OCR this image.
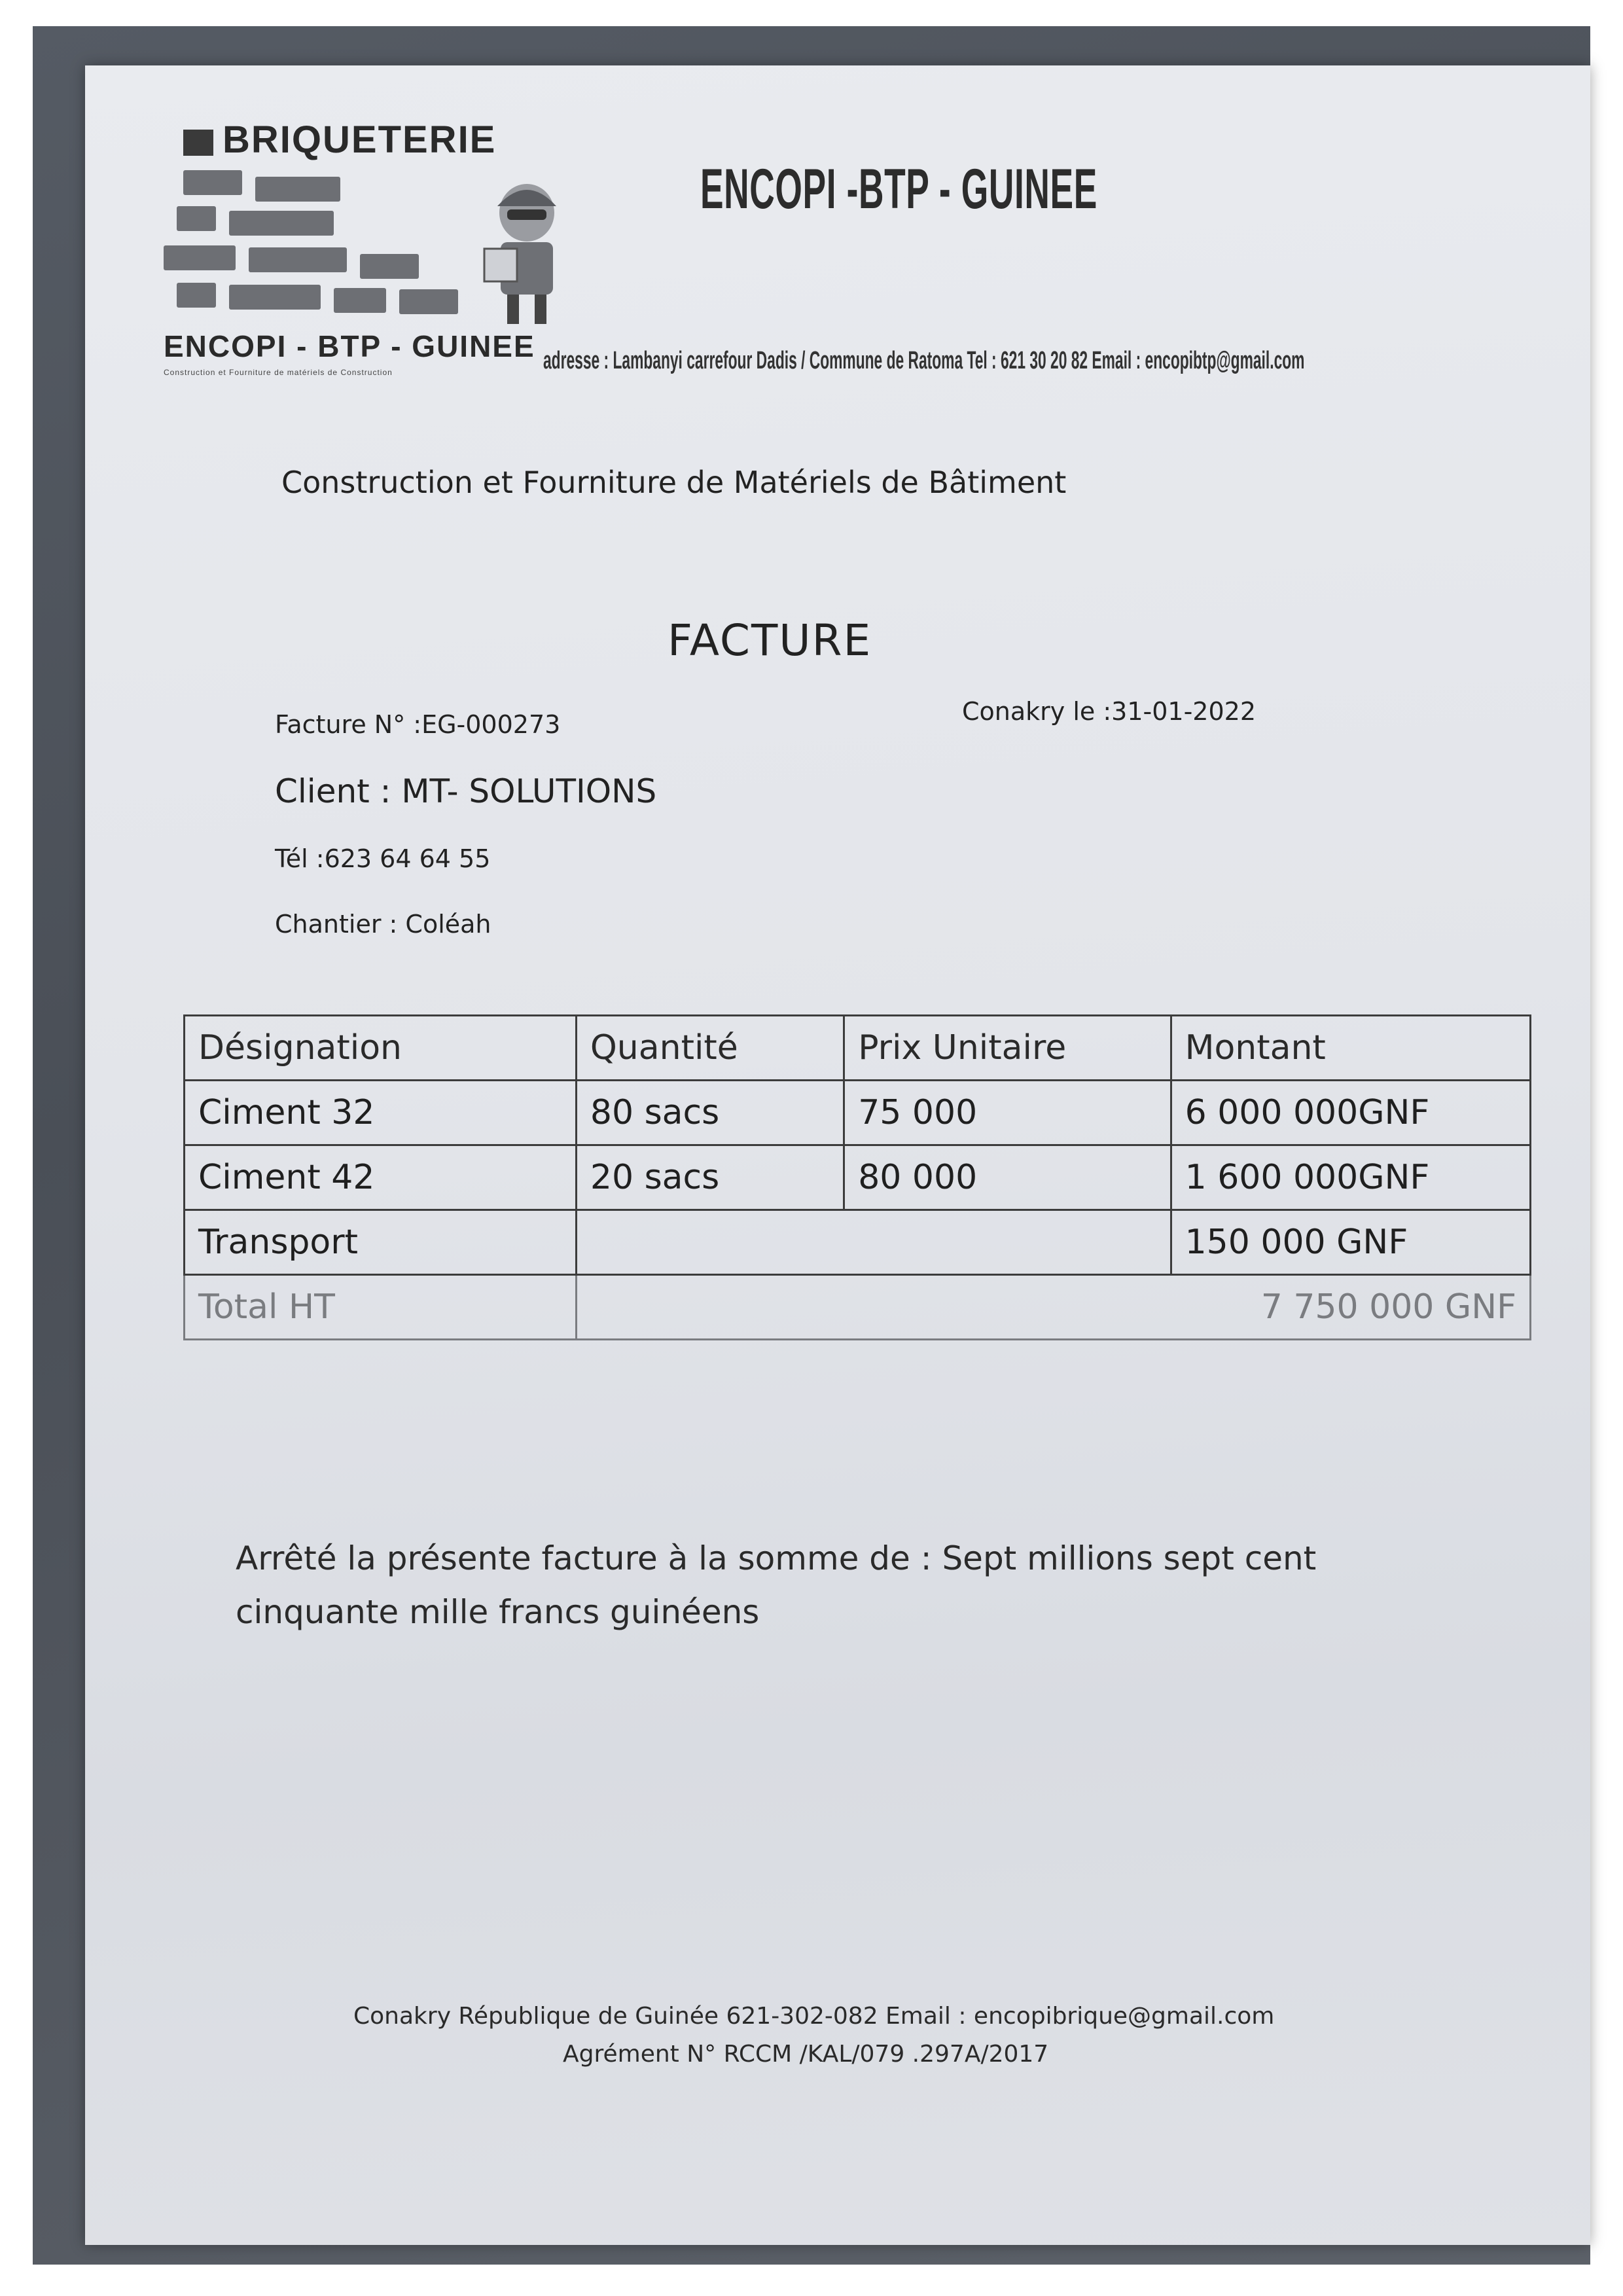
BRIQUETERIE
ENCOPI - BTP - GUINEE
Construction et Fourniture de matériels de Construction
ENCOPI -BTP - GUINEE
adresse : Lambanyi carrefour Dadis / Commune de Ratoma Tel : 621 30 20 82 Email : encopibtp@gmail.com
Construction et Fourniture de Matériels de Bâtiment
FACTURE
Facture N° :EG-000273	Conakry le :31-01-2022
Client : MT- SOLUTIONS
Tél :623 64 64 55
Chantier : Coléah
Désignation	Quantité	Prix Unitaire	Montant
Ciment 32	80 sacs	75 000	6 000 000GNF
Ciment 42	20 sacs	80 000	1 600 000GNF
Transport			150 000 GNF
Total HT	7 750 000 GNF		
Arrêté la présente facture à la somme de : Sept millions sept cent cinquante mille francs guinéens
Conakry République de Guinée 621-302-082 Email : encopibrique@gmail.com
Agrément N° RCCM /KAL/079 .297A/2017
